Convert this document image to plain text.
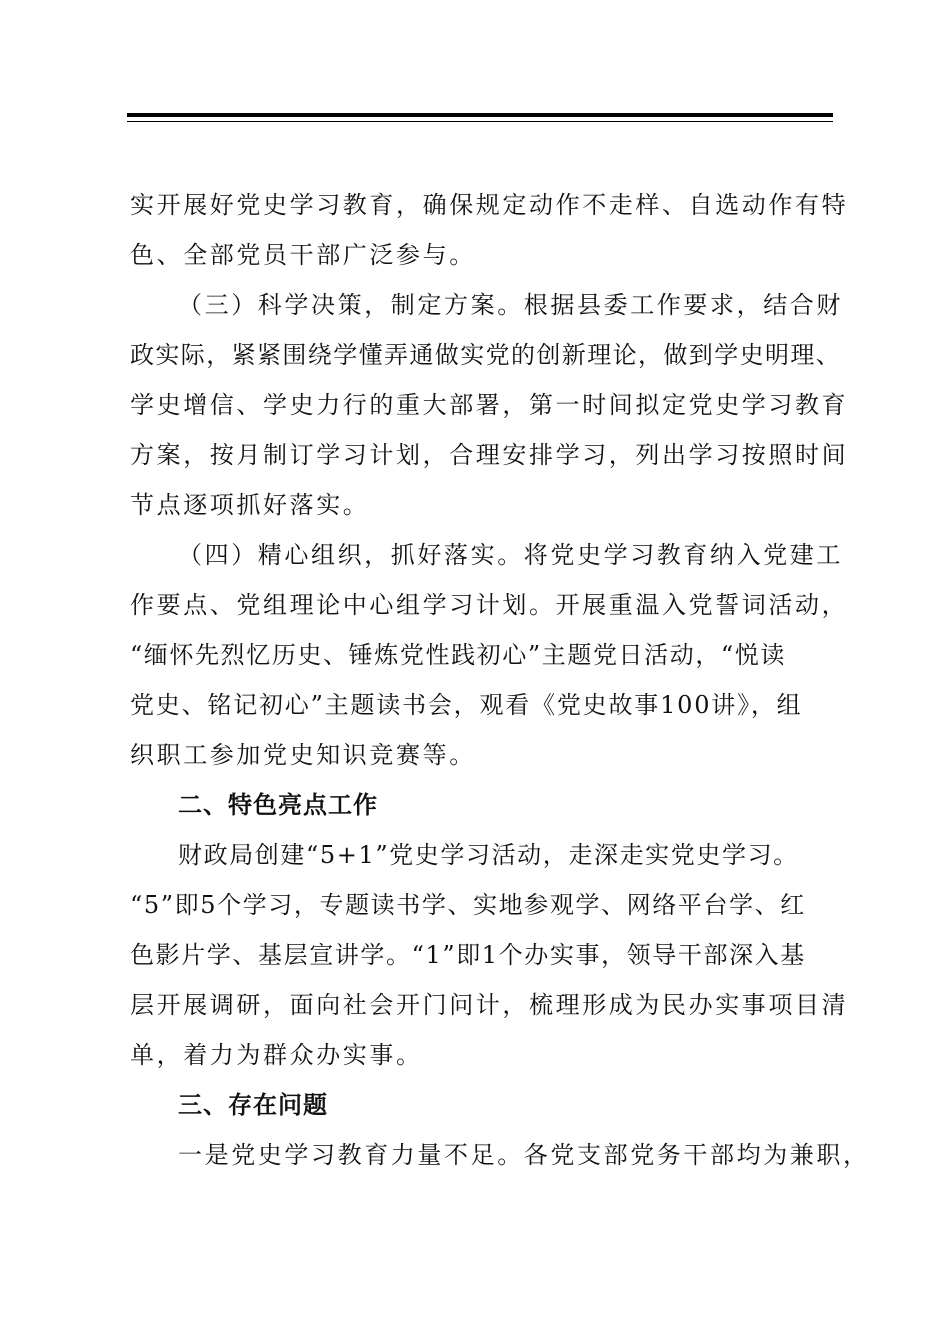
实开展好党史学习教育，确保规定动作不走样、自选动作有特
色、全部党员干部广泛参与。
（三）科学决策，制定方案。根据县委工作要求，结合财
政实际，紧紧围绕学懂弄通做实党的创新理论，做到学史明理、
学史增信、学史力行的重大部署，第一时间拟定党史学习教育
方案，按月制订学习计划，合理安排学习，列出学习按照时间
节点逐项抓好落实。
（四）精心组织，抓好落实。将党史学习教育纳入党建工
作要点、党组理论中心组学习计划。开展重温入党誓词活动，
“缅怀先烈忆历史、锤炼党性践初心”主题党日活动，“悦读
党史、铭记初心”主题读书会，观看《党史故事100讲》，组
织职工参加党史知识竞赛等。
二、特色亮点工作
财政局创建“5+1”党史学习活动，走深走实党史学习。
“5”即5个学习，专题读书学、实地参观学、网络平台学、红
色影片学、基层宣讲学。“1”即1个办实事，领导干部深入基
层开展调研，面向社会开门问计，梳理形成为民办实事项目清
单，着力为群众办实事。
三、存在问题
一是党史学习教育力量不足。各党支部党务干部均为兼职，
